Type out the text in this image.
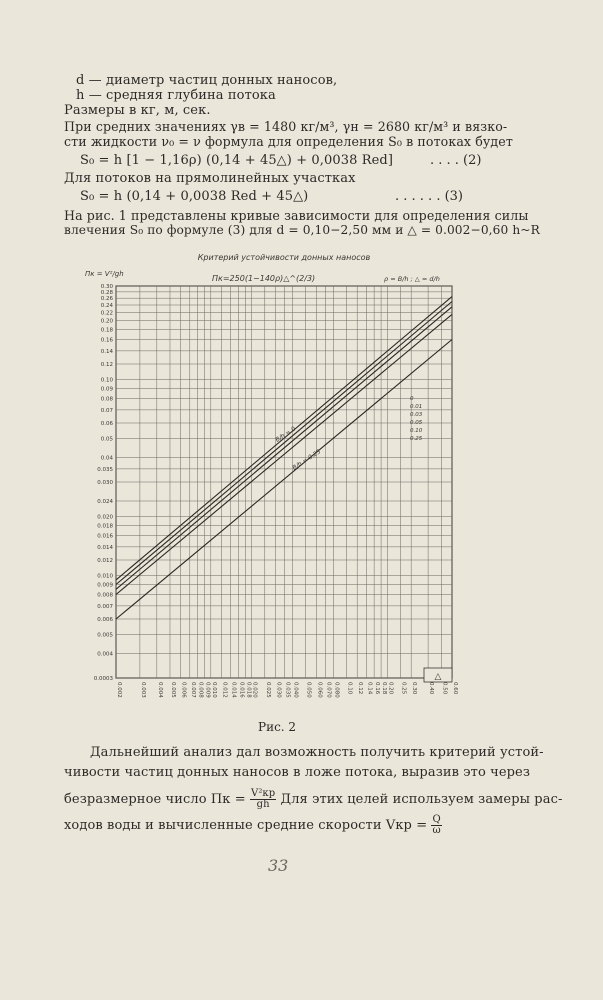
d — диаметр частиц донных наносов,
h — средняя глубина потока
Размеры в кг, м, сек.
При средних значениях γв = 1480 кг/м³, γн = 2680 кг/м³ и вязко-
сти жидкости ν₀ = ν формула для определения S₀ в потоках будет
S₀ = h [1 − 1,16ρ) (0,14 + 45△) + 0,0038 Red]	. . . . (2)
Для потоков на прямолинейных участках
S₀ = h (0,14 + 0,0038 Red + 45△)	. . . . . . (3)
На рис. 1 представлены кривые зависимости для определения силы
влечения S₀ по формуле (3) для d = 0,10−2,50 мм и △ = 0.002−0,60 h~R
0.30
0.28
0.26
0.24
0.22
0.20
0.18
0.16
0.14
0.12
0.10
0.09
0.08
0.07
0.06
0.05
0.04
0.035
0.030
0.024
0.020
0.018
0.016
0.014
0.012
0.010
0.009
0.008
0.007
0.006
0.005
0.004
0.0003
0.002	0.003 0.004 0.005 0.006 0.007 0.008 0.009 0.010 0.012 0.014 0.016 0.018 0.020 0.025 0.030 0.035 0.040 0.050 0.060 0.070 0.080 0.10 0.12 0.14 0.16 0.18 0.20 0.25 0.30 0.40 0.50 0.60
Критерий устойчивости донных наносов
Пк=250(1−140ρ)△^(2/3)
Пк = V²/gh
ρ = B/h ; △ = d/h
0
0.01
0.03
0.05
0.10
0.25
B/h = 0
B/h = 0.25
△
Рис. 2
Дальнейший анализ дал возможность получить критерий устой-
чивости частиц донных наносов в ложе потока, выразив это через
безразмерное число Пк = $\frac{\text{V²кр}}{gh}$ Для этих целей используем замеры рас-
ходов воды и вычисленные средние скорости Vкр = $\frac{Q}{\omega}$
33
